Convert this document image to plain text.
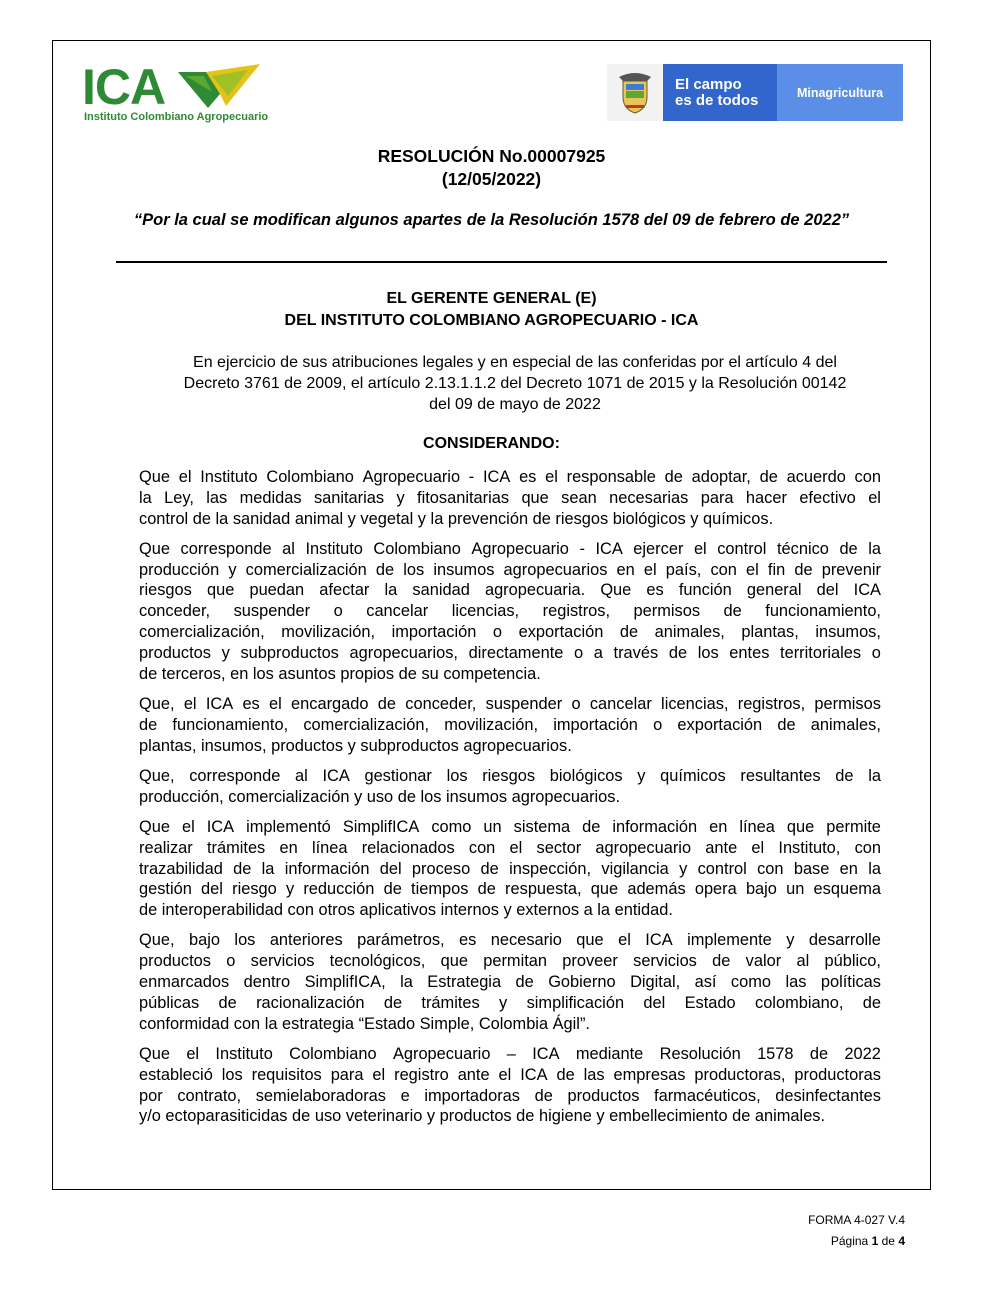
ICA
Instituto Colombiano Agropecuario
El campo
es de todos	Minagricultura
RESOLUCIÓN No.00007925
(12/05/2022)
“Por la cual se modifican algunos apartes de la Resolución 1578 del 09 de febrero de 2022”
EL GERENTE GENERAL (E)
DEL INSTITUTO COLOMBIANO AGROPECUARIO - ICA
En ejercicio de sus atribuciones legales y en especial de las conferidas por el artículo 4 del
Decreto 3761 de 2009, el artículo 2.13.1.1.2 del Decreto 1071 de 2015 y la Resolución 00142
del 09 de mayo de 2022
CONSIDERANDO:
Que el Instituto Colombiano Agropecuario - ICA es el responsable de adoptar, de acuerdo con
la Ley, las medidas sanitarias y fitosanitarias que sean necesarias para hacer efectivo el
control de la sanidad animal y vegetal y la prevención de riesgos biológicos y químicos.
Que corresponde al Instituto Colombiano Agropecuario - ICA ejercer el control técnico de la
producción y comercialización de los insumos agropecuarios en el país, con el fin de prevenir
riesgos que puedan afectar la sanidad agropecuaria. Que es función general del ICA
conceder, suspender o cancelar licencias, registros, permisos de funcionamiento,
comercialización, movilización, importación o exportación de animales, plantas, insumos,
productos y subproductos agropecuarios, directamente o a través de los entes territoriales o
de terceros, en los asuntos propios de su competencia.
Que, el ICA es el encargado de conceder, suspender o cancelar licencias, registros, permisos
de funcionamiento, comercialización, movilización, importación o exportación de animales,
plantas, insumos, productos y subproductos agropecuarios.
Que, corresponde al ICA gestionar los riesgos biológicos y químicos resultantes de la
producción, comercialización y uso de los insumos agropecuarios.
Que el ICA implementó SimplifICA como un sistema de información en línea que permite
realizar trámites en línea relacionados con el sector agropecuario ante el Instituto, con
trazabilidad de la información del proceso de inspección, vigilancia y control con base en la
gestión del riesgo y reducción de tiempos de respuesta, que además opera bajo un esquema
de interoperabilidad con otros aplicativos internos y externos a la entidad.
Que, bajo los anteriores parámetros, es necesario que el ICA implemente y desarrolle
productos o servicios tecnológicos, que permitan proveer servicios de valor al público,
enmarcados dentro SimplifICA, la Estrategia de Gobierno Digital, así como las políticas
públicas de racionalización de trámites y simplificación del Estado colombiano, de
conformidad con la estrategia “Estado Simple, Colombia Ágil”.
Que el Instituto Colombiano Agropecuario – ICA mediante Resolución 1578 de 2022
estableció los requisitos para el registro ante el ICA de las empresas productoras, productoras
por contrato, semielaboradoras e importadoras de productos farmacéuticos, desinfectantes
y/o ectoparasiticidas de uso veterinario y productos de higiene y embellecimiento de animales.
FORMA 4-027 V.4
Página 1 de 4
